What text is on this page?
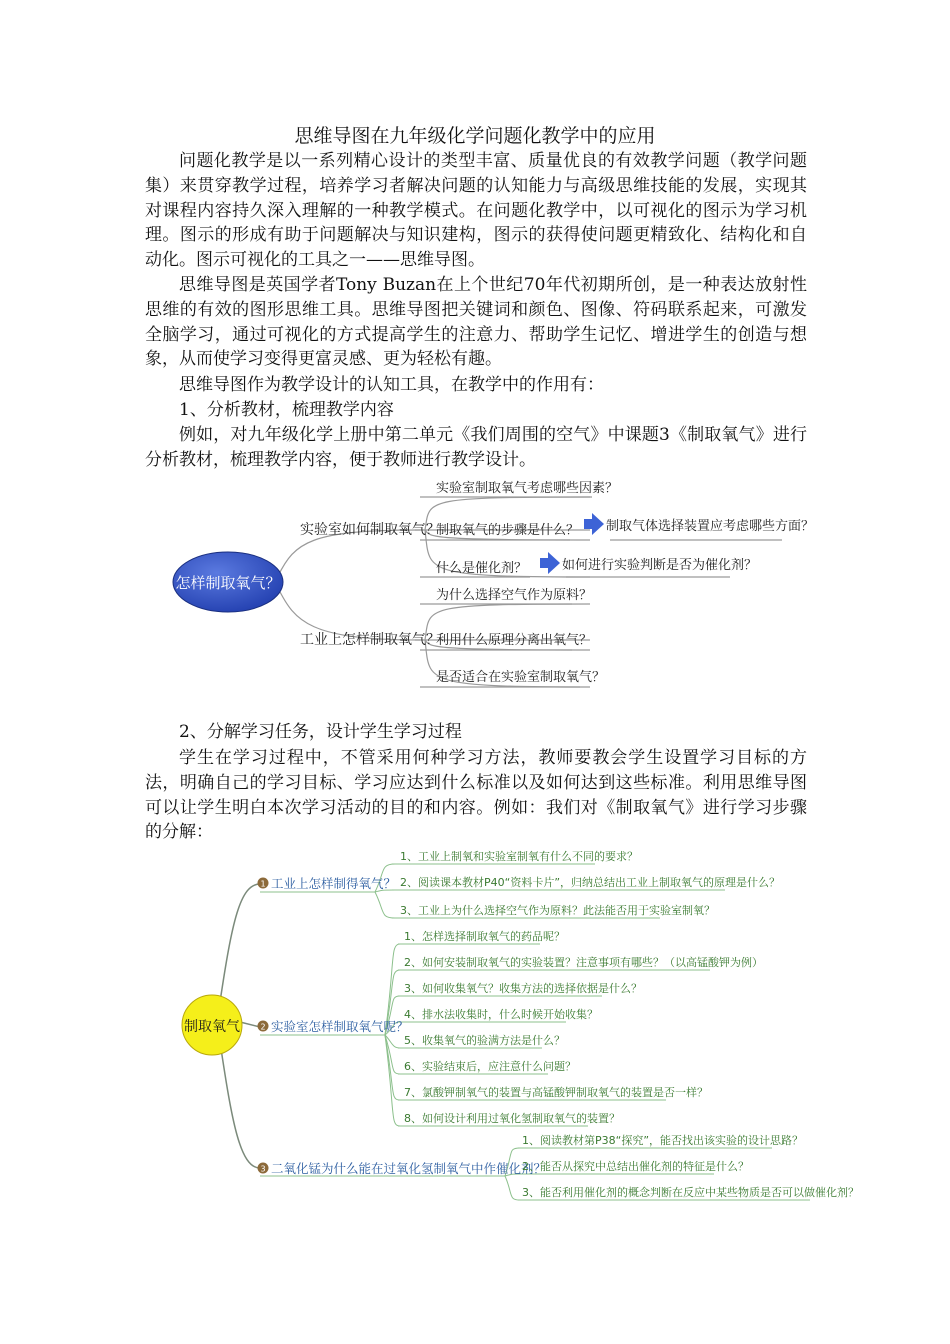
思维导图在九年级化学问题化教学中的应用

问题化教学是以一系列精心设计的类型丰富、质量优良的有效教学问题（教学问题集）来贯穿教学过程，培养学习者解决问题的认知能力与高级思维技能的发展，实现其对课程内容持久深入理解的一种教学模式。在问题化教学中，以可视化的图示为学习机理。图示的形成有助于问题解决与知识建构，图示的获得使问题更精致化、结构化和自动化。图示可视化的工具之一——思维导图。

思维导图是英国学者Tony Buzan在上个世纪70年代初期所创，是一种表达放射性思维的有效的图形思维工具。思维导图把关键词和颜色、图像、符码联系起来，可激发全脑学习，通过可视化的方式提高学生的注意力、帮助学生记忆、增进学生的创造与想象，从而使学习变得更富灵感、更为轻松有趣。

思维导图作为教学设计的认知工具，在教学中的作用有：

1、分析教材，梳理教学内容

例如，对九年级化学上册中第二单元《我们周围的空气》中课题3《制取氧气》进行分析教材，梳理教学内容，便于教师进行教学设计。

怎样制取氧气？
实验室如何制取氧气？
工业上怎样制取氧气？
实验室制取氧气考虑哪些因素？
制取氧气的步骤是什么？
什么是催化剂？
制取气体选择装置应考虑哪些方面？
如何进行实验判断是否为催化剂？
为什么选择空气作为原料？
利用什么原理分离出氧气？
是否适合在实验室制取氧气？

2、分解学习任务，设计学生学习过程

学生在学习过程中，不管采用何种学习方法，教师要教会学生设置学习目标的方法，明确自己的学习目标、学习应达到什么标准以及如何达到这些标准。利用思维导图可以让学生明白本次学习活动的目的和内容。例如：我们对《制取氧气》进行学习步骤的分解：

制取氧气
1 工业上怎样制得氧气？
2 实验室怎样制取氧气呢？
3 二氧化锰为什么能在过氧化氢制氧气中作催化剂？
1、工业上制氧和实验室制氧有什么不同的要求？
2、阅读课本教材P40“资料卡片”，归纳总结出工业上制取氧气的原理是什么？
3、工业上为什么选择空气作为原料？此法能否用于实验室制氧？
1、怎样选择制取氧气的药品呢？
2、如何安装制取氧气的实验装置？注意事项有哪些？（以高锰酸钾为例）
3、如何收集氧气？收集方法的选择依据是什么？
4、排水法收集时，什么时候开始收集？
5、收集氧气的验满方法是什么？
6、实验结束后，应注意什么问题？
7、氯酸钾制氧气的装置与高锰酸钾制取氧气的装置是否一样？
8、如何设计利用过氧化氢制取氧气的装置？
1、阅读教材第P38“探究”，能否找出该实验的设计思路？
2、能否从探究中总结出催化剂的特征是什么？
3、能否利用催化剂的概念判断在反应中某些物质是否可以做催化剂？
